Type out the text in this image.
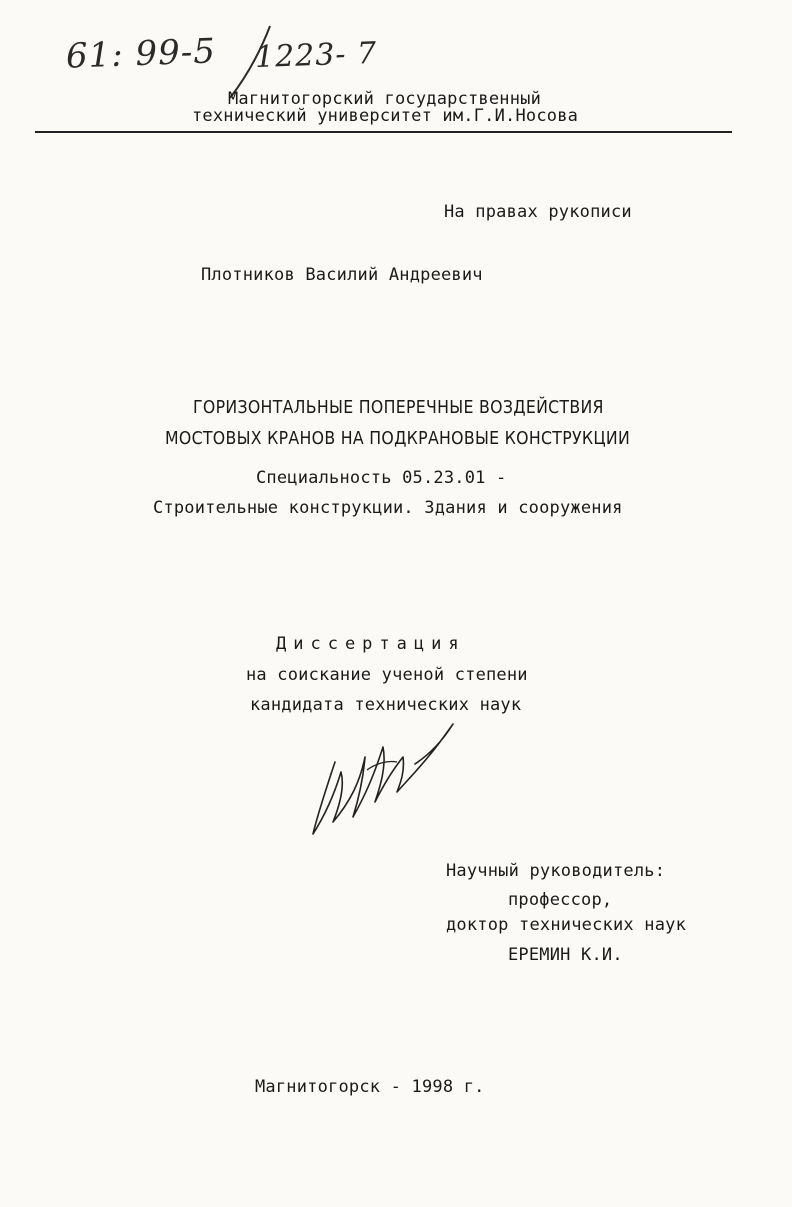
61: 99-5 1223- 7
Магнитогорский государственный
технический университет им.Г.И.Носова
На правах рукописи
Плотников Василий Андреевич
ГОРИЗОНТАЛЬНЫЕ ПОПЕРЕЧНЫЕ ВОЗДЕЙСТВИЯ
МОСТОВЫХ КРАНОВ НА ПОДКРАНОВЫЕ КОНСТРУКЦИИ
Специальность 05.23.01 -
Строительные конструкции. Здания и сооружения
Диссертация
на соискание ученой степени
кандидата технических наук
Научный руководитель:
профессор,
доктор технических наук
ЕРЕМИН К.И.
Магнитогорск - 1998 г.
